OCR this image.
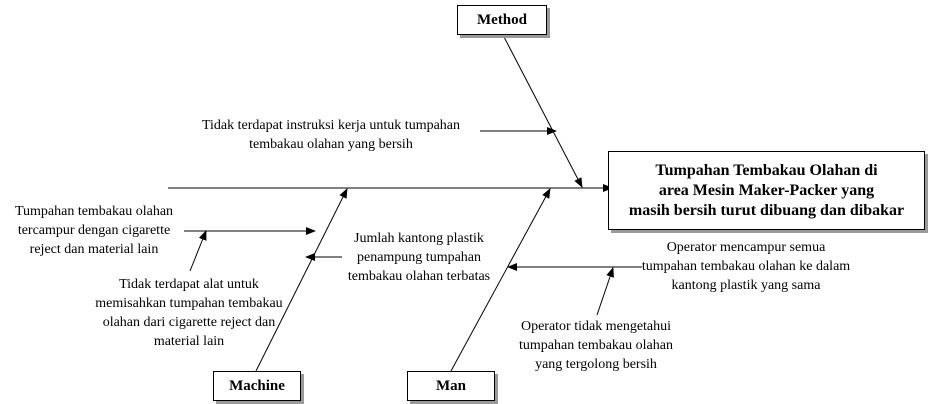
Method
Machine	Man
Tumpahan Tembakau Olahan di
area Mesin Maker-Packer yang
masih bersih turut dibuang dan dibakar
Tidak terdapat instruksi kerja untuk tumpahan
tembakau olahan yang bersih
Tumpahan tembakau olahan
tercampur dengan cigarette
reject dan material lain
Tidak terdapat alat untuk
memisahkan tumpahan tembakau
olahan dari cigarette reject dan
material lain
Jumlah kantong plastik
penampung tumpahan
tembakau olahan terbatas
Operator mencampur semua
tumpahan tembakau olahan ke dalam
kantong plastik yang sama
Operator tidak mengetahui
tumpahan tembakau olahan
yang tergolong bersih
